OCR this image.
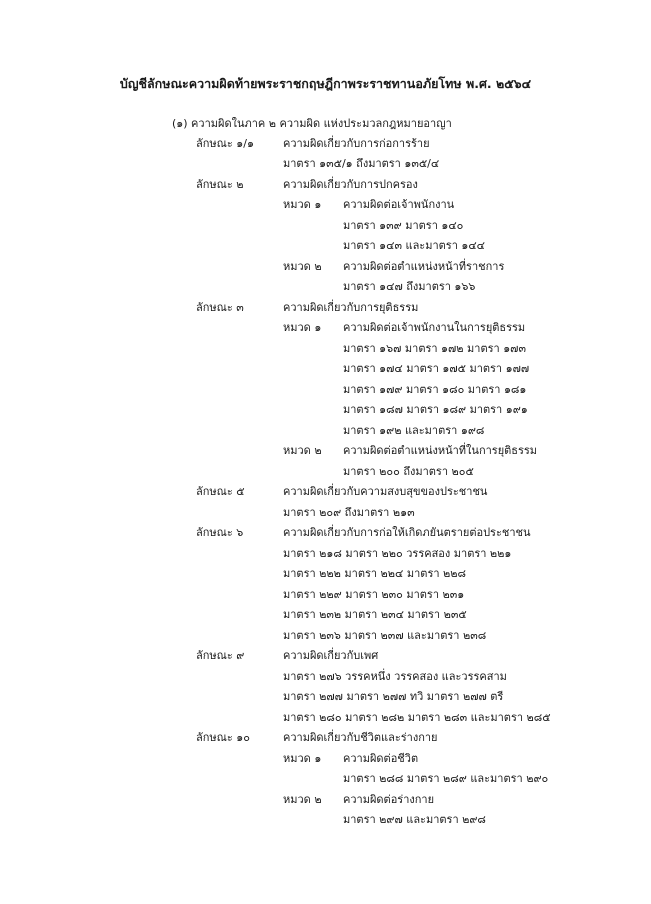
บัญชีลักษณะความผิดท้ายพระราชกฤษฎีกาพระราชทานอภัยโทษ พ.ศ. ๒๕๖๔
(๑) ความผิดในภาค ๒ ความผิด แห่งประมวลกฎหมายอาญา
ลักษณะ ๑/๑	ความผิดเกี่ยวกับการก่อการร้าย
มาตรา ๑๓๕/๑ ถึงมาตรา ๑๓๕/๔
ลักษณะ ๒	ความผิดเกี่ยวกับการปกครอง
หมวด ๑ ความผิดต่อเจ้าพนักงาน
มาตรา ๑๓๙ มาตรา ๑๔๐
มาตรา ๑๔๓ และมาตรา ๑๔๔
หมวด ๒ ความผิดต่อตำแหน่งหน้าที่ราชการ
มาตรา ๑๔๗ ถึงมาตรา ๑๖๖
ลักษณะ ๓	ความผิดเกี่ยวกับการยุติธรรม
หมวด ๑ ความผิดต่อเจ้าพนักงานในการยุติธรรม
มาตรา ๑๖๗ มาตรา ๑๗๒ มาตรา ๑๗๓
มาตรา ๑๗๔ มาตรา ๑๗๕ มาตรา ๑๗๗
มาตรา ๑๗๙ มาตรา ๑๘๐ มาตรา ๑๘๑
มาตรา ๑๘๗ มาตรา ๑๘๙ มาตรา ๑๙๑
มาตรา ๑๙๒ และมาตรา ๑๙๘
หมวด ๒ ความผิดต่อตำแหน่งหน้าที่ในการยุติธรรม
มาตรา ๒๐๐ ถึงมาตรา ๒๐๕
ลักษณะ ๕	ความผิดเกี่ยวกับความสงบสุขของประชาชน
มาตรา ๒๐๙ ถึงมาตรา ๒๑๓
ลักษณะ ๖	ความผิดเกี่ยวกับการก่อให้เกิดภยันตรายต่อประชาชน
มาตรา ๒๑๘ มาตรา ๒๒๐ วรรคสอง มาตรา ๒๒๑
มาตรา ๒๒๒ มาตรา ๒๒๔ มาตรา ๒๒๘
มาตรา ๒๒๙ มาตรา ๒๓๐ มาตรา ๒๓๑
มาตรา ๒๓๒ มาตรา ๒๓๔ มาตรา ๒๓๕
มาตรา ๒๓๖ มาตรา ๒๓๗ และมาตรา ๒๓๘
ลักษณะ ๙	ความผิดเกี่ยวกับเพศ
มาตรา ๒๗๖ วรรคหนึ่ง วรรคสอง และวรรคสาม
มาตรา ๒๗๗ มาตรา ๒๗๗ ทวิ มาตรา ๒๗๗ ตรี
มาตรา ๒๘๐ มาตรา ๒๘๒ มาตรา ๒๘๓ และมาตรา ๒๘๕
ลักษณะ ๑๐	ความผิดเกี่ยวกับชีวิตและร่างกาย
หมวด ๑ ความผิดต่อชีวิต
มาตรา ๒๘๘ มาตรา ๒๘๙ และมาตรา ๒๙๐
หมวด ๒ ความผิดต่อร่างกาย
มาตรา ๒๙๗ และมาตรา ๒๙๘
